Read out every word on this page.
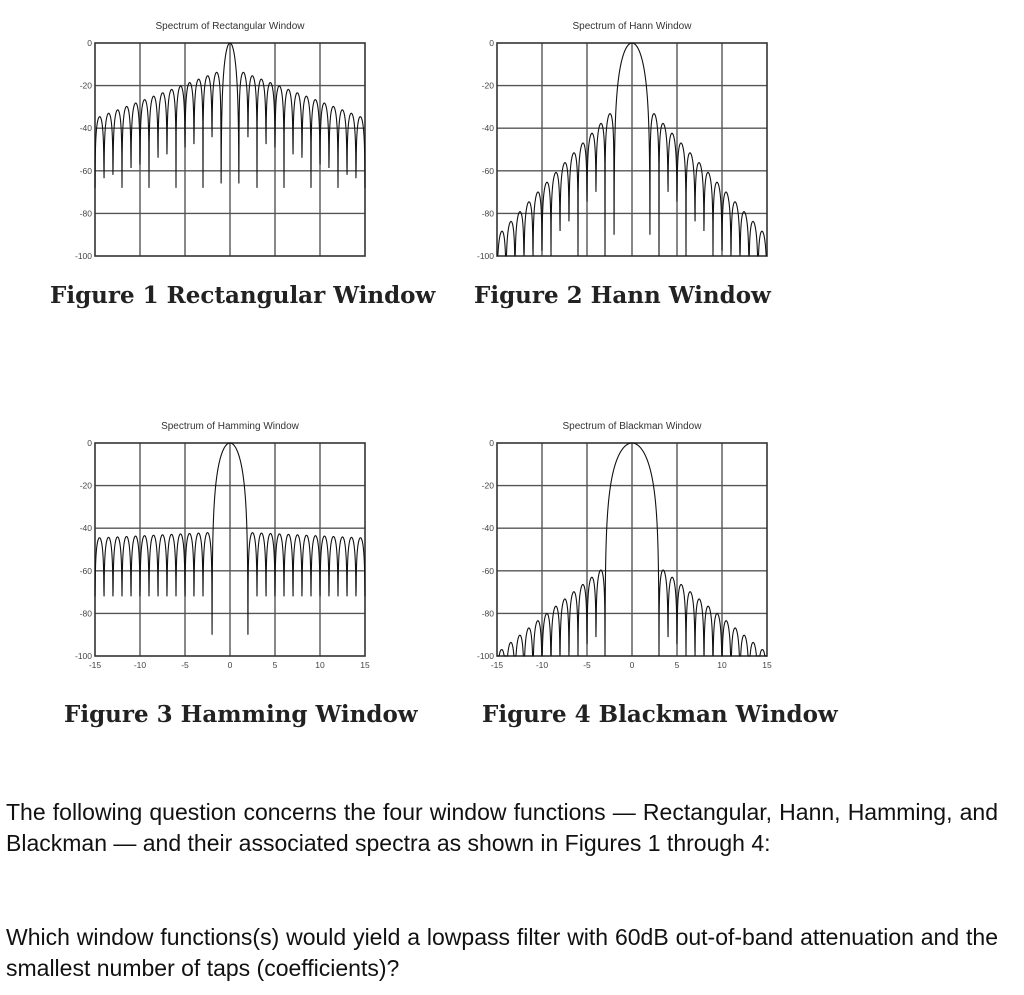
Spectrum of Rectangular Window
0
-20
-40
-60
-80
-100
Figure 1 Rectangular Window
Spectrum of Hann Window
0
-20
-40
-60
-80
-100
Figure 2 Hann Window
Spectrum of Hamming Window
0
-20
-40
-60
-80
-100
-15	-10	-5	0	5	10	15
Figure 3 Hamming Window
Spectrum of Blackman Window
0
-20
-40
-60
-80
-100
-15	-10	-5	0	5	10	15
Figure 4 Blackman Window

The following question concerns the four window functions — Rectangular, Hann, Hamming, and Blackman — and their associated spectra as shown in Figures 1 through 4:

Which window functions(s) would yield a lowpass filter with 60dB out-of-band attenuation and the smallest number of taps (coefficients)?
